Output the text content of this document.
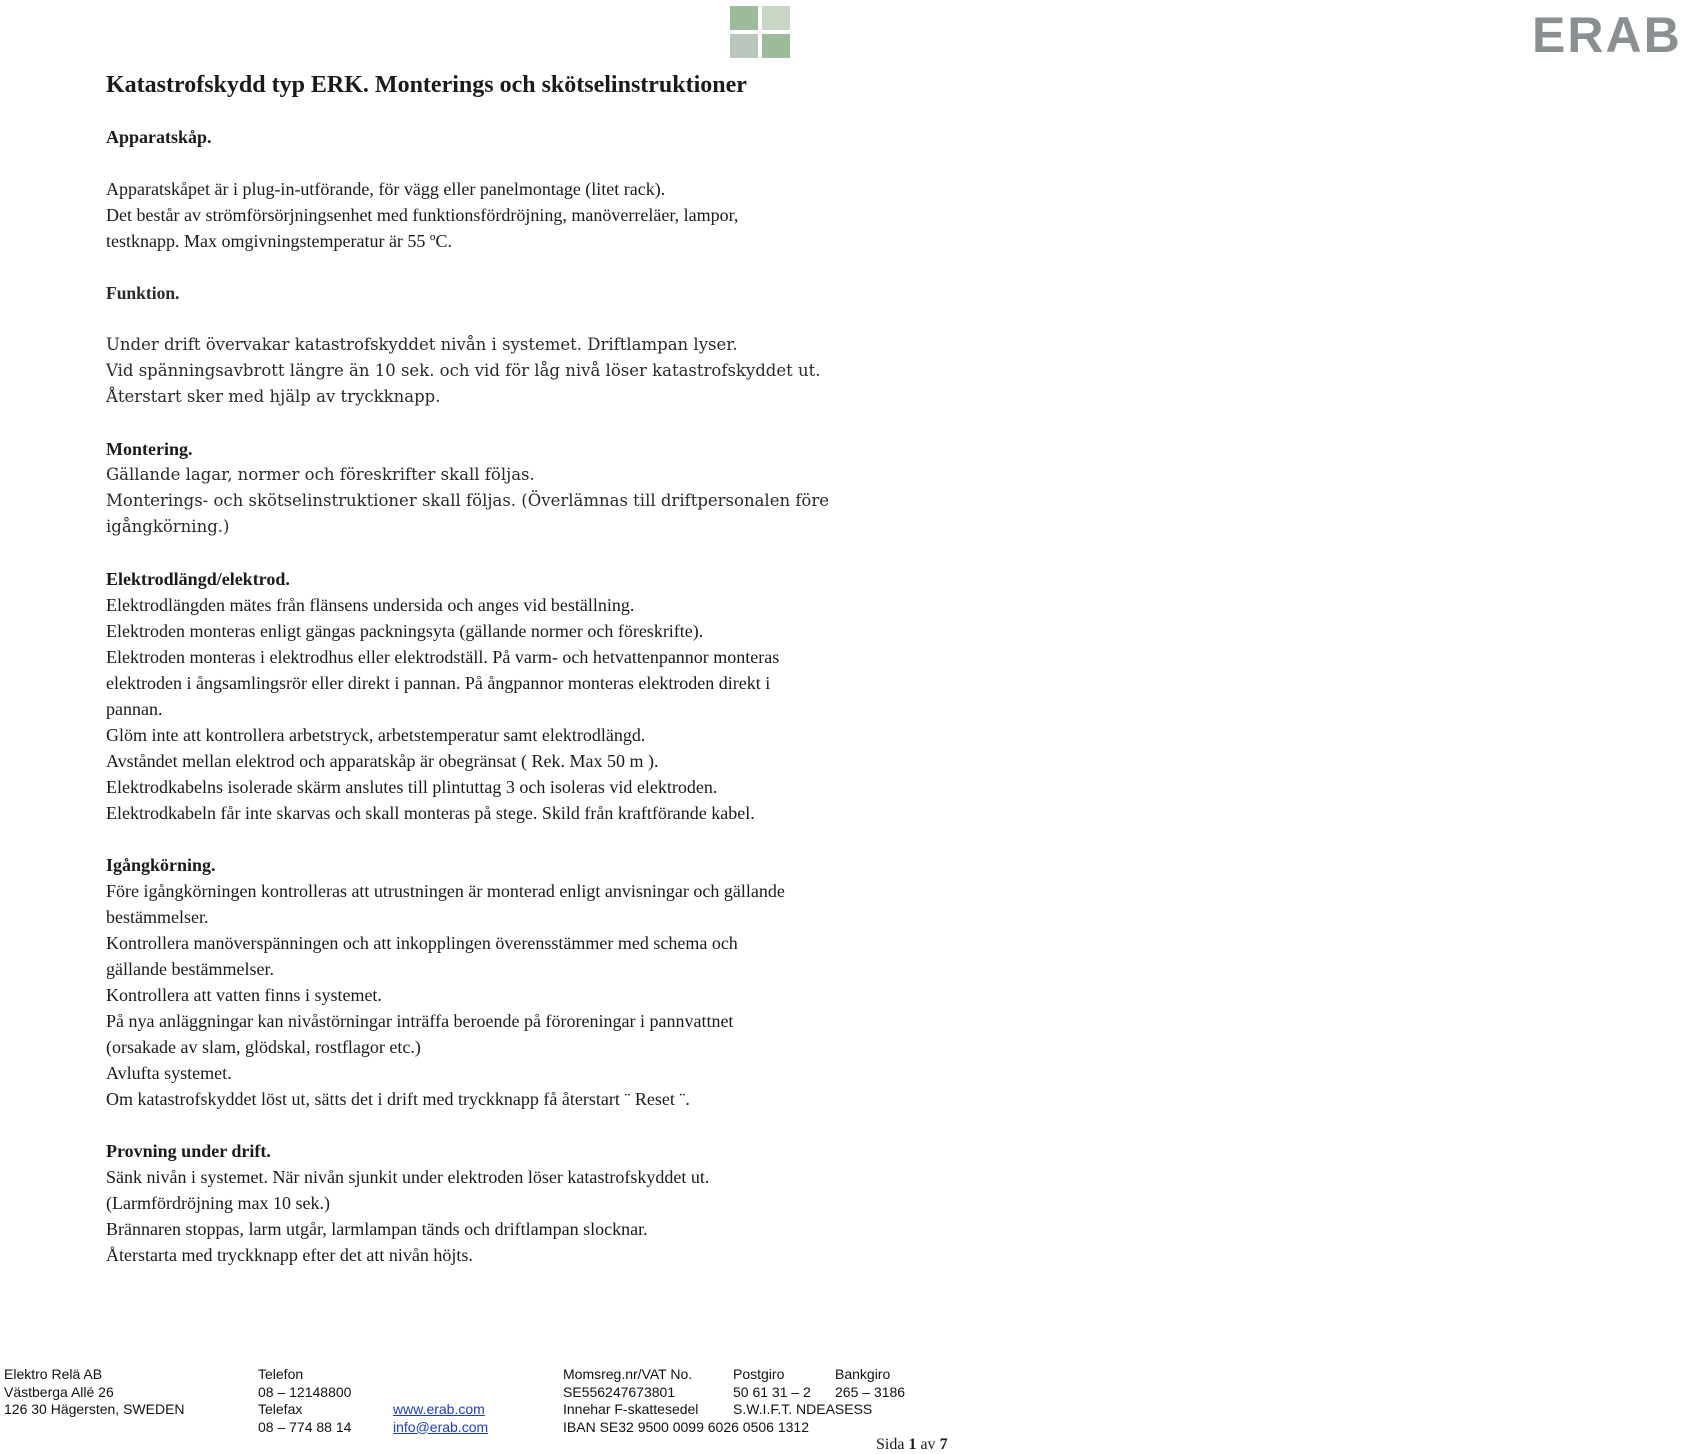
ERAB
Katastrofskydd typ ERK. Monterings och skötselinstruktioner

Apparatskåp.

Apparatskåpet är i plug-in-utförande, för vägg eller panelmontage (litet rack).

Det består av strömförsörjningsenhet med funktionsfördröjning, manöverreläer, lampor,

testknapp. Max omgivningstemperatur är 55 ºC.

Funktion.

Under drift övervakar katastrofskyddet nivån i systemet. Driftlampan lyser.

Vid spänningsavbrott längre än 10 sek. och vid för låg nivå löser katastrofskyddet ut.

Återstart sker med hjälp av tryckknapp.

Montering.

Gällande lagar, normer och föreskrifter skall följas.

Monterings- och skötselinstruktioner skall följas. (Överlämnas till driftpersonalen före

igångkörning.)

Elektrodlängd/elektrod.

Elektrodlängden mätes från flänsens undersida och anges vid beställning.

Elektroden monteras enligt gängas packningsyta (gällande normer och föreskrifte).

Elektroden monteras i elektrodhus eller elektrodställ. På varm- och hetvattenpannor monteras

elektroden i ångsamlingsrör eller direkt i pannan. På ångpannor monteras elektroden direkt i

pannan.

Glöm inte att kontrollera arbetstryck, arbetstemperatur samt elektrodlängd.

Avståndet mellan elektrod och apparatskåp är obegränsat ( Rek. Max 50 m ).

Elektrodkabelns isolerade skärm anslutes till plintuttag 3 och isoleras vid elektroden.

Elektrodkabeln får inte skarvas och skall monteras på stege. Skild från kraftförande kabel.

Igångkörning.

Före igångkörningen kontrolleras att utrustningen är monterad enligt anvisningar och gällande

bestämmelser.

Kontrollera manöverspänningen och att inkopplingen överensstämmer med schema och

gällande bestämmelser.

Kontrollera att vatten finns i systemet.

På nya anläggningar kan nivåstörningar inträffa beroende på föroreningar i pannvattnet

(orsakade av slam, glödskal, rostflagor etc.)

Avlufta systemet.

Om katastrofskyddet löst ut, sätts det i drift med tryckknapp få återstart ¨ Reset ¨.

Provning under drift.

Sänk nivån i systemet. När nivån sjunkit under elektroden löser katastrofskyddet ut.

(Larmfördröjning max 10 sek.)

Brännaren stoppas, larm utgår, larmlampan tänds och driftlampan slocknar.

Återstarta med tryckknapp efter det att nivån höjts.

Elektro Relä AB
Västberga Allé 26
126 30 Hägersten, SWEDEN
Telefon
08 – 12148800
Telefax
08 – 774 88 14
www.erab.com
info@erab.com
Momsreg.nr/VAT No.
SE556247673801
Innehar F-skattesedel
IBAN SE32 9500 0099 6026 0506 1312
Postgiro
50 61 31 – 2
S.W.I.F.T. NDEASESS
Bankgiro
265 – 3186
Sida 1 av 7
